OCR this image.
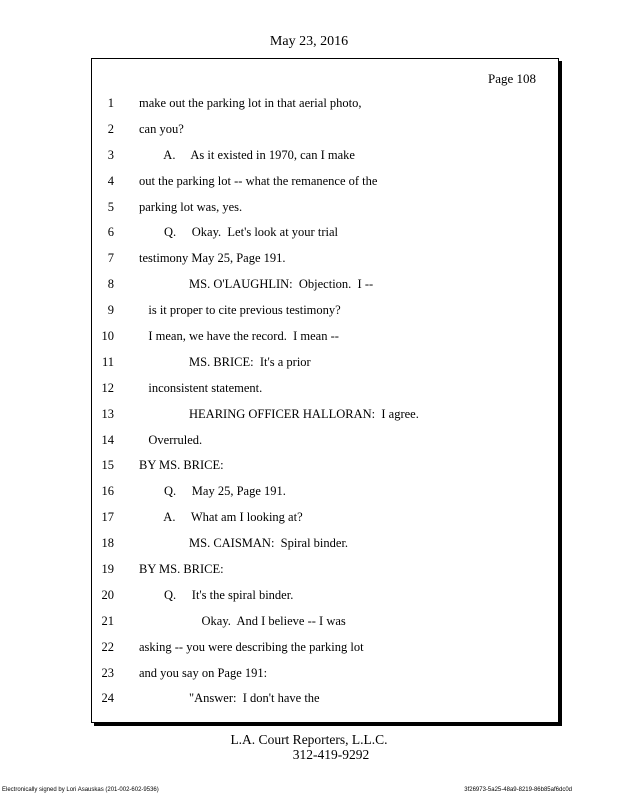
May 23, 2016
Page 108
1 make out the parking lot in that aerial photo,
2 can you?
3 A.     As it existed in 1970, can I make
4 out the parking lot -- what the remanence of the
5 parking lot was, yes.
6 Q.     Okay.  Let's look at your trial
7 testimony May 25, Page 191.
8 MS. O'LAUGHLIN:  Objection.  I --
9 is it proper to cite previous testimony?
10 I mean, we have the record.  I mean --
11 MS. BRICE:  It's a prior
12 inconsistent statement.
13 HEARING OFFICER HALLORAN:  I agree.
14 Overruled.
15 BY MS. BRICE:
16 Q.     May 25, Page 191.
17 A.     What am I looking at?
18 MS. CAISMAN:  Spiral binder.
19 BY MS. BRICE:
20 Q.     It's the spiral binder.
21 Okay.  And I believe -- I was
22 asking -- you were describing the parking lot
23 and you say on Page 191:
24 "Answer:  I don't have the
L.A. Court Reporters, L.L.C.
312-419-9292
Electronically signed by Lori Asauskas (201-002-602-9536)	3f26973-5a25-48a9-8219-86b85af6dc0d
